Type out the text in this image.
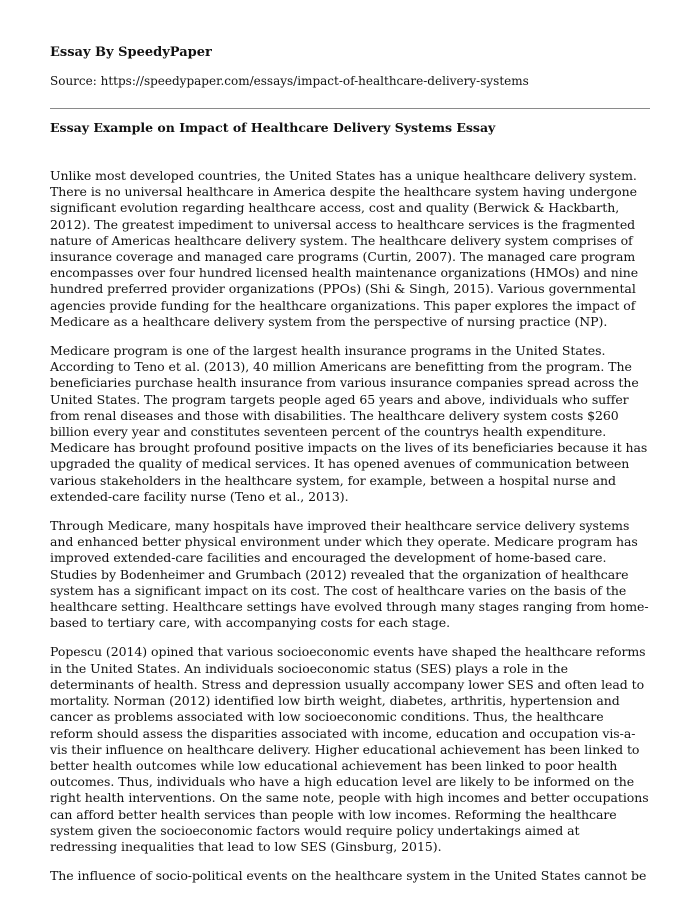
Essay By SpeedyPaper
Source: https://speedypaper.com/essays/impact-of-healthcare-delivery-systems
Essay Example on Impact of Healthcare Delivery Systems Essay

Unlike most developed countries, the United States has a unique healthcare delivery system. There is no universal healthcare in America despite the healthcare system having undergone significant evolution regarding healthcare access, cost and quality (Berwick & Hackbarth, 2012). The greatest impediment to universal access to healthcare services is the fragmented nature of Americas healthcare delivery system. The healthcare delivery system comprises of insurance coverage and managed care programs (Curtin, 2007). The managed care program encompasses over four hundred licensed health maintenance organizations (HMOs) and nine hundred preferred provider organizations (PPOs) (Shi & Singh, 2015). Various governmental agencies provide funding for the healthcare organizations. This paper explores the impact of Medicare as a healthcare delivery system from the perspective of nursing practice (NP).

Medicare program is one of the largest health insurance programs in the United States. According to Teno et al. (2013), 40 million Americans are benefitting from the program. The beneficiaries purchase health insurance from various insurance companies spread across the United States. The program targets people aged 65 years and above, individuals who suffer from renal diseases and those with disabilities. The healthcare delivery system costs $260 billion every year and constitutes seventeen percent of the countrys health expenditure. Medicare has brought profound positive impacts on the lives of its beneficiaries because it has upgraded the quality of medical services. It has opened avenues of communication between various stakeholders in the healthcare system, for example, between a hospital nurse and extended-care facility nurse (Teno et al., 2013).

Through Medicare, many hospitals have improved their healthcare service delivery systems and enhanced better physical environment under which they operate. Medicare program has improved extended-care facilities and encouraged the development of home-based care. Studies by Bodenheimer and Grumbach (2012) revealed that the organization of healthcare system has a significant impact on its cost. The cost of healthcare varies on the basis of the healthcare setting. Healthcare settings have evolved through many stages ranging from home-based to tertiary care, with accompanying costs for each stage.

Popescu (2014) opined that various socioeconomic events have shaped the healthcare reforms in the United States. An individuals socioeconomic status (SES) plays a role in the determinants of health. Stress and depression usually accompany lower SES and often lead to mortality. Norman (2012) identified low birth weight, diabetes, arthritis, hypertension and cancer as problems associated with low socioeconomic conditions. Thus, the healthcare reform should assess the disparities associated with income, education and occupation vis-a-vis their influence on healthcare delivery. Higher educational achievement has been linked to better health outcomes while low educational achievement has been linked to poor health outcomes. Thus, individuals who have a high education level are likely to be informed on the right health interventions. On the same note, people with high incomes and better occupations can afford better health services than people with low incomes. Reforming the healthcare system given the socioeconomic factors would require policy undertakings aimed at redressing inequalities that lead to low SES (Ginsburg, 2015).

The influence of socio-political events on the healthcare system in the United States cannot be
